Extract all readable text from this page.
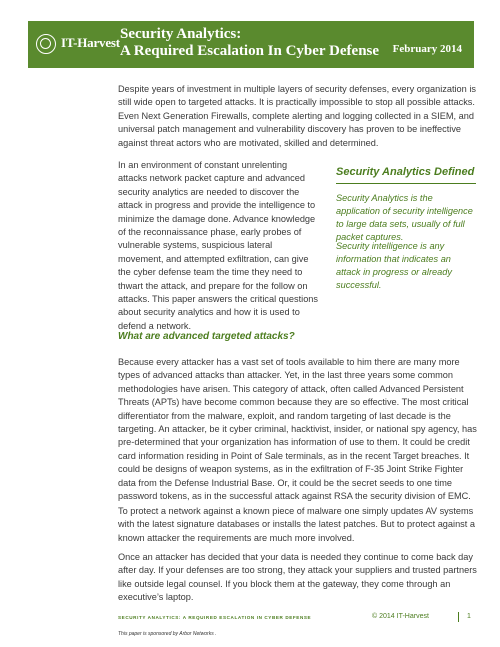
IT-Harvest
Security Analytics:
A Required Escalation In Cyber Defense February 2014

Despite years of investment in multiple layers of security defenses, every organization is still wide open to targeted attacks. It is practically impossible to stop all possible attacks. Even Next Generation Firewalls, complete alerting and logging collected in a SIEM, and universal patch management and vulnerability discovery has proven to be ineffective against threat actors who are motivated, skilled and determined.

In an environment of constant unrelenting attacks network packet capture and advanced security analytics are needed to discover the attack in progress and provide the intelligence to minimize the damage done. Advance knowledge of the reconnaissance phase, early probes of vulnerable systems, suspicious lateral movement, and attempted exfiltration, can give the cyber defense team the time they need to thwart the attack, and prepare for the follow on attacks. This paper answers the critical questions about security analytics and how it is used to defend a network.

Security Analytics Defined

Security Analytics is the application of security intelligence to large data sets, usually of full packet captures.

Security intelligence is any information that indicates an attack in progress or already successful.

What are advanced targeted attacks?

Because every attacker has a vast set of tools available to him there are many more types of advanced attacks than attacker. Yet, in the last three years some common methodologies have arisen. This category of attack, often called Advanced Persistent Threats (APTs) have become common because they are so effective. The most critical differentiator from the malware, exploit, and random targeting of last decade is the targeting. An attacker, be it cyber criminal, hacktivist, insider, or national spy agency, has pre-determined that your organization has information of use to them. It could be credit card information residing in Point of Sale terminals, as in the recent Target breaches. It could be designs of weapon systems, as in the exfiltration of F-35 Joint Strike Fighter data from the Defense Industrial Base. Or, it could be the secret seeds to one time password tokens, as in the successful attack against RSA the security division of EMC.

To protect a network against a known piece of malware one simply updates AV systems with the latest signature databases or installs the latest patches. But to protect against a known attacker the requirements are much more involved.

Once an attacker has decided that your data is needed they continue to come back day after day. If your defenses are too strong, they attack your suppliers and trusted partners like outside legal counsel. If you block them at the gateway, they come through an executive’s laptop.

SECURITY ANALYTICS: A REQUIRED ESCALATION IN CYBER DEFENSE	© 2014 IT-Harvest	1
This paper is sponsored by Arbor Networks .
